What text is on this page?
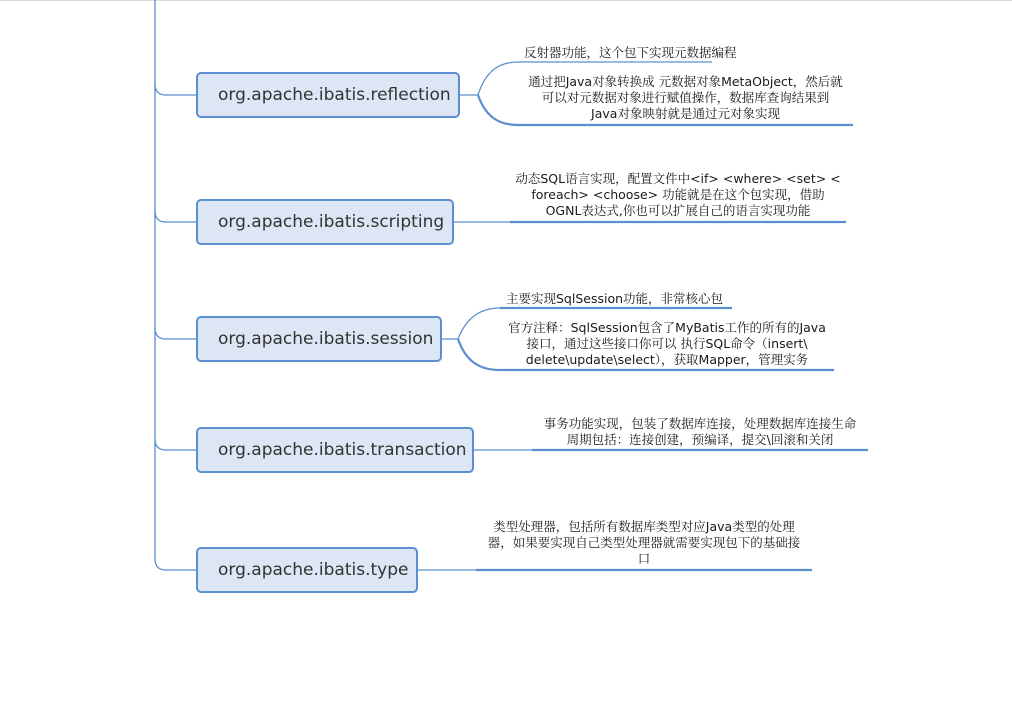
org.apache.ibatis.reflection
org.apache.ibatis.scripting
org.apache.ibatis.session
org.apache.ibatis.transaction
org.apache.ibatis.type
反射器功能，这个包下实现元数据编程
通过把Java对象转换成 元数据对象MetaObject，然后就
可以对元数据对象进行赋值操作，数据库查询结果到
Java对象映射就是通过元对象实现
动态SQL语言实现，配置文件中<if> <where> <set> <
foreach> <choose> 功能就是在这个包实现，借助
OGNL表达式,你也可以扩展自己的语言实现功能
主要实现SqlSession功能，非常核心包
官方注释：SqlSession包含了MyBatis工作的所有的Java
接口，通过这些接口你可以 执行SQL命令（insert\
delete\update\select），获取Mapper，管理实务
事务功能实现，包装了数据库连接，处理数据库连接生命
周期包括：连接创建，预编译，提交\回滚和关闭
类型处理器，包括所有数据库类型对应Java类型的处理
器，如果要实现自己类型处理器就需要实现包下的基础接
口
